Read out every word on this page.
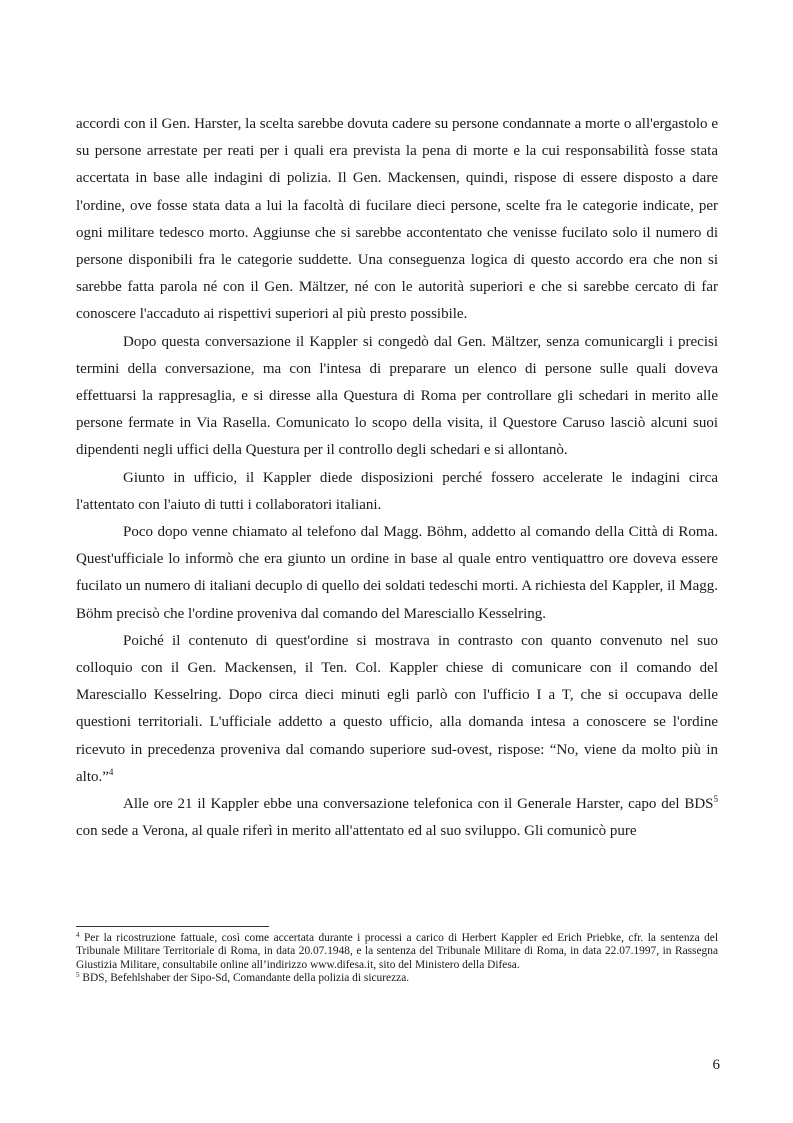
accordi con il Gen. Harster, la scelta sarebbe dovuta cadere su persone condannate a morte o all'ergastolo e su persone arrestate per reati per i quali era prevista la pena di morte e la cui responsabilità fosse stata accertata in base alle indagini di polizia. Il Gen. Mackensen, quindi, rispose di essere disposto a dare l'ordine, ove fosse stata data a lui la facoltà di fucilare dieci persone, scelte fra le categorie indicate, per ogni militare tedesco morto. Aggiunse che si sarebbe accontentato che venisse fucilato solo il numero di persone disponibili fra le categorie suddette. Una conseguenza logica di questo accordo era che non si sarebbe fatta parola né con il Gen. Mältzer, né con le autorità superiori e che si sarebbe cercato di far conoscere l'accaduto ai rispettivi superiori al più presto possibile.

Dopo questa conversazione il Kappler si congedò dal Gen. Mältzer, senza comunicargli i precisi termini della conversazione, ma con l'intesa di preparare un elenco di persone sulle quali doveva effettuarsi la rappresaglia, e si diresse alla Questura di Roma per controllare gli schedari in merito alle persone fermate in Via Rasella. Comunicato lo scopo della visita, il Questore Caruso lasciò alcuni suoi dipendenti negli uffici della Questura per il controllo degli schedari e si allontanò.

Giunto in ufficio, il Kappler diede disposizioni perché fossero accelerate le indagini circa l'attentato con l'aiuto di tutti i collaboratori italiani.

Poco dopo venne chiamato al telefono dal Magg. Böhm, addetto al comando della Città di Roma. Quest'ufficiale lo informò che era giunto un ordine in base al quale entro ventiquattro ore doveva essere fucilato un numero di italiani decuplo di quello dei soldati tedeschi morti. A richiesta del Kappler, il Magg. Böhm precisò che l'ordine proveniva dal comando del Maresciallo Kesselring.

Poiché il contenuto di quest'ordine si mostrava in contrasto con quanto convenuto nel suo colloquio con il Gen. Mackensen, il Ten. Col. Kappler chiese di comunicare con il comando del Maresciallo Kesselring. Dopo circa dieci minuti egli parlò con l'ufficio I a T, che si occupava delle questioni territoriali. L'ufficiale addetto a questo ufficio, alla domanda intesa a conoscere se l'ordine ricevuto in precedenza proveniva dal comando superiore sud-ovest, rispose: “No, viene da molto più in alto.”$^4$

Alle ore 21 il Kappler ebbe una conversazione telefonica con il Generale Harster, capo del BDS$^5$ con sede a Verona, al quale riferì in merito all'attentato ed al suo sviluppo. Gli comunicò pure

$^4$ Per la ricostruzione fattuale, così come accertata durante i processi a carico di Herbert Kappler ed Erich Priebke, cfr. la sentenza del Tribunale Militare Territoriale di Roma, in data 20.07.1948, e la sentenza del Tribunale Militare di Roma, in data 22.07.1997, in Rassegna Giustizia Militare, consultabile online all’indirizzo www.difesa.it, sito del Ministero della Difesa.

$^5$ BDS, Befehlshaber der Sipo-Sd, Comandante della polizia di sicurezza.

6
